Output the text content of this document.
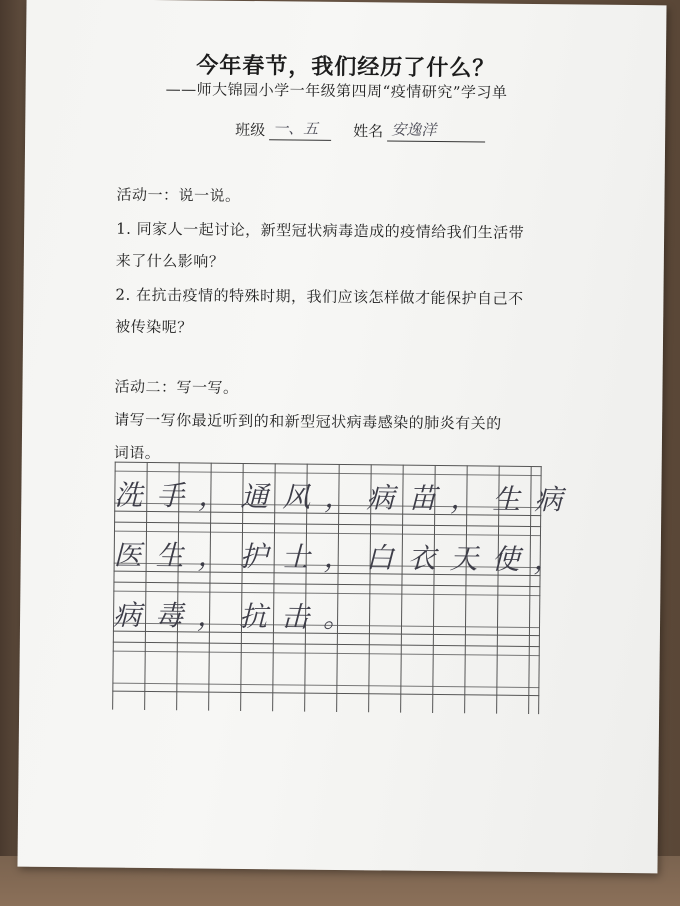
今年春节，我们经历了什么？
——师大锦园小学一年级第四周“疫情研究”学习单
班级 一、五	姓名 安逸洋
活动一：说一说。
1. 同家人一起讨论，新型冠状病毒造成的疫情给我们生活带
来了什么影响？
2. 在抗击疫情的特殊时期，我们应该怎样做才能保护自己不
被传染呢？
活动二：写一写。
请写一写你最近听到的和新型冠状病毒感染的肺炎有关的
词语。
洗手，通风，病苗，生病
医生，护士，白衣天使，
病毒，抗击。
